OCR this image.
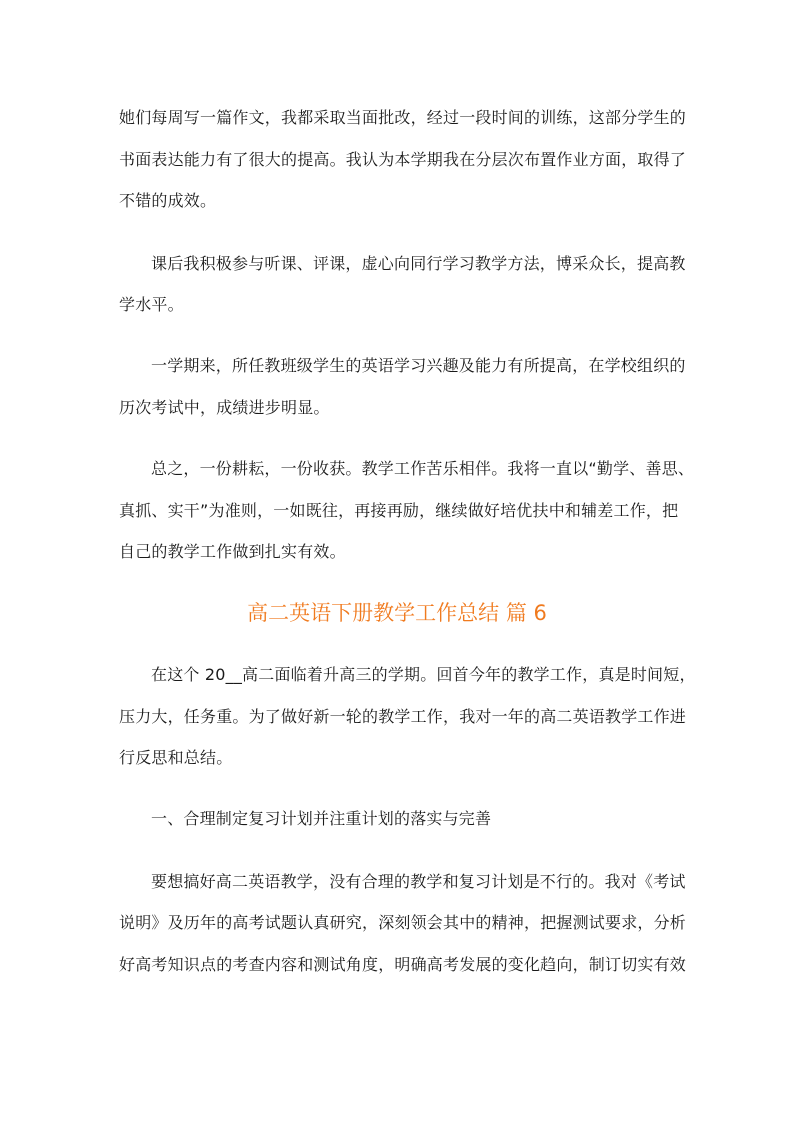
她们每周写一篇作文，我都采取当面批改，经过一段时间的训练，这部分学生的
书面表达能力有了很大的提高。我认为本学期我在分层次布置作业方面，取得了
不错的成效。
课后我积极参与听课、评课，虚心向同行学习教学方法，博采众长，提高教
学水平。
一学期来，所任教班级学生的英语学习兴趣及能力有所提高，在学校组织的
历次考试中，成绩进步明显。
总之，一份耕耘，一份收获。教学工作苦乐相伴。我将一直以“勤学、善思、
真抓、实干”为准则，一如既往，再接再励，继续做好培优扶中和辅差工作，把
自己的教学工作做到扎实有效。
高二英语下册教学工作总结 篇 6
在这个 20__高二面临着升高三的学期。回首今年的教学工作，真是时间短，
压力大，任务重。为了做好新一轮的教学工作，我对一年的高二英语教学工作进
行反思和总结。
一、合理制定复习计划并注重计划的落实与完善
要想搞好高二英语教学，没有合理的教学和复习计划是不行的。我对《考试
说明》及历年的高考试题认真研究，深刻领会其中的精神，把握测试要求，分析
好高考知识点的考查内容和测试角度，明确高考发展的变化趋向，制订切实有效
